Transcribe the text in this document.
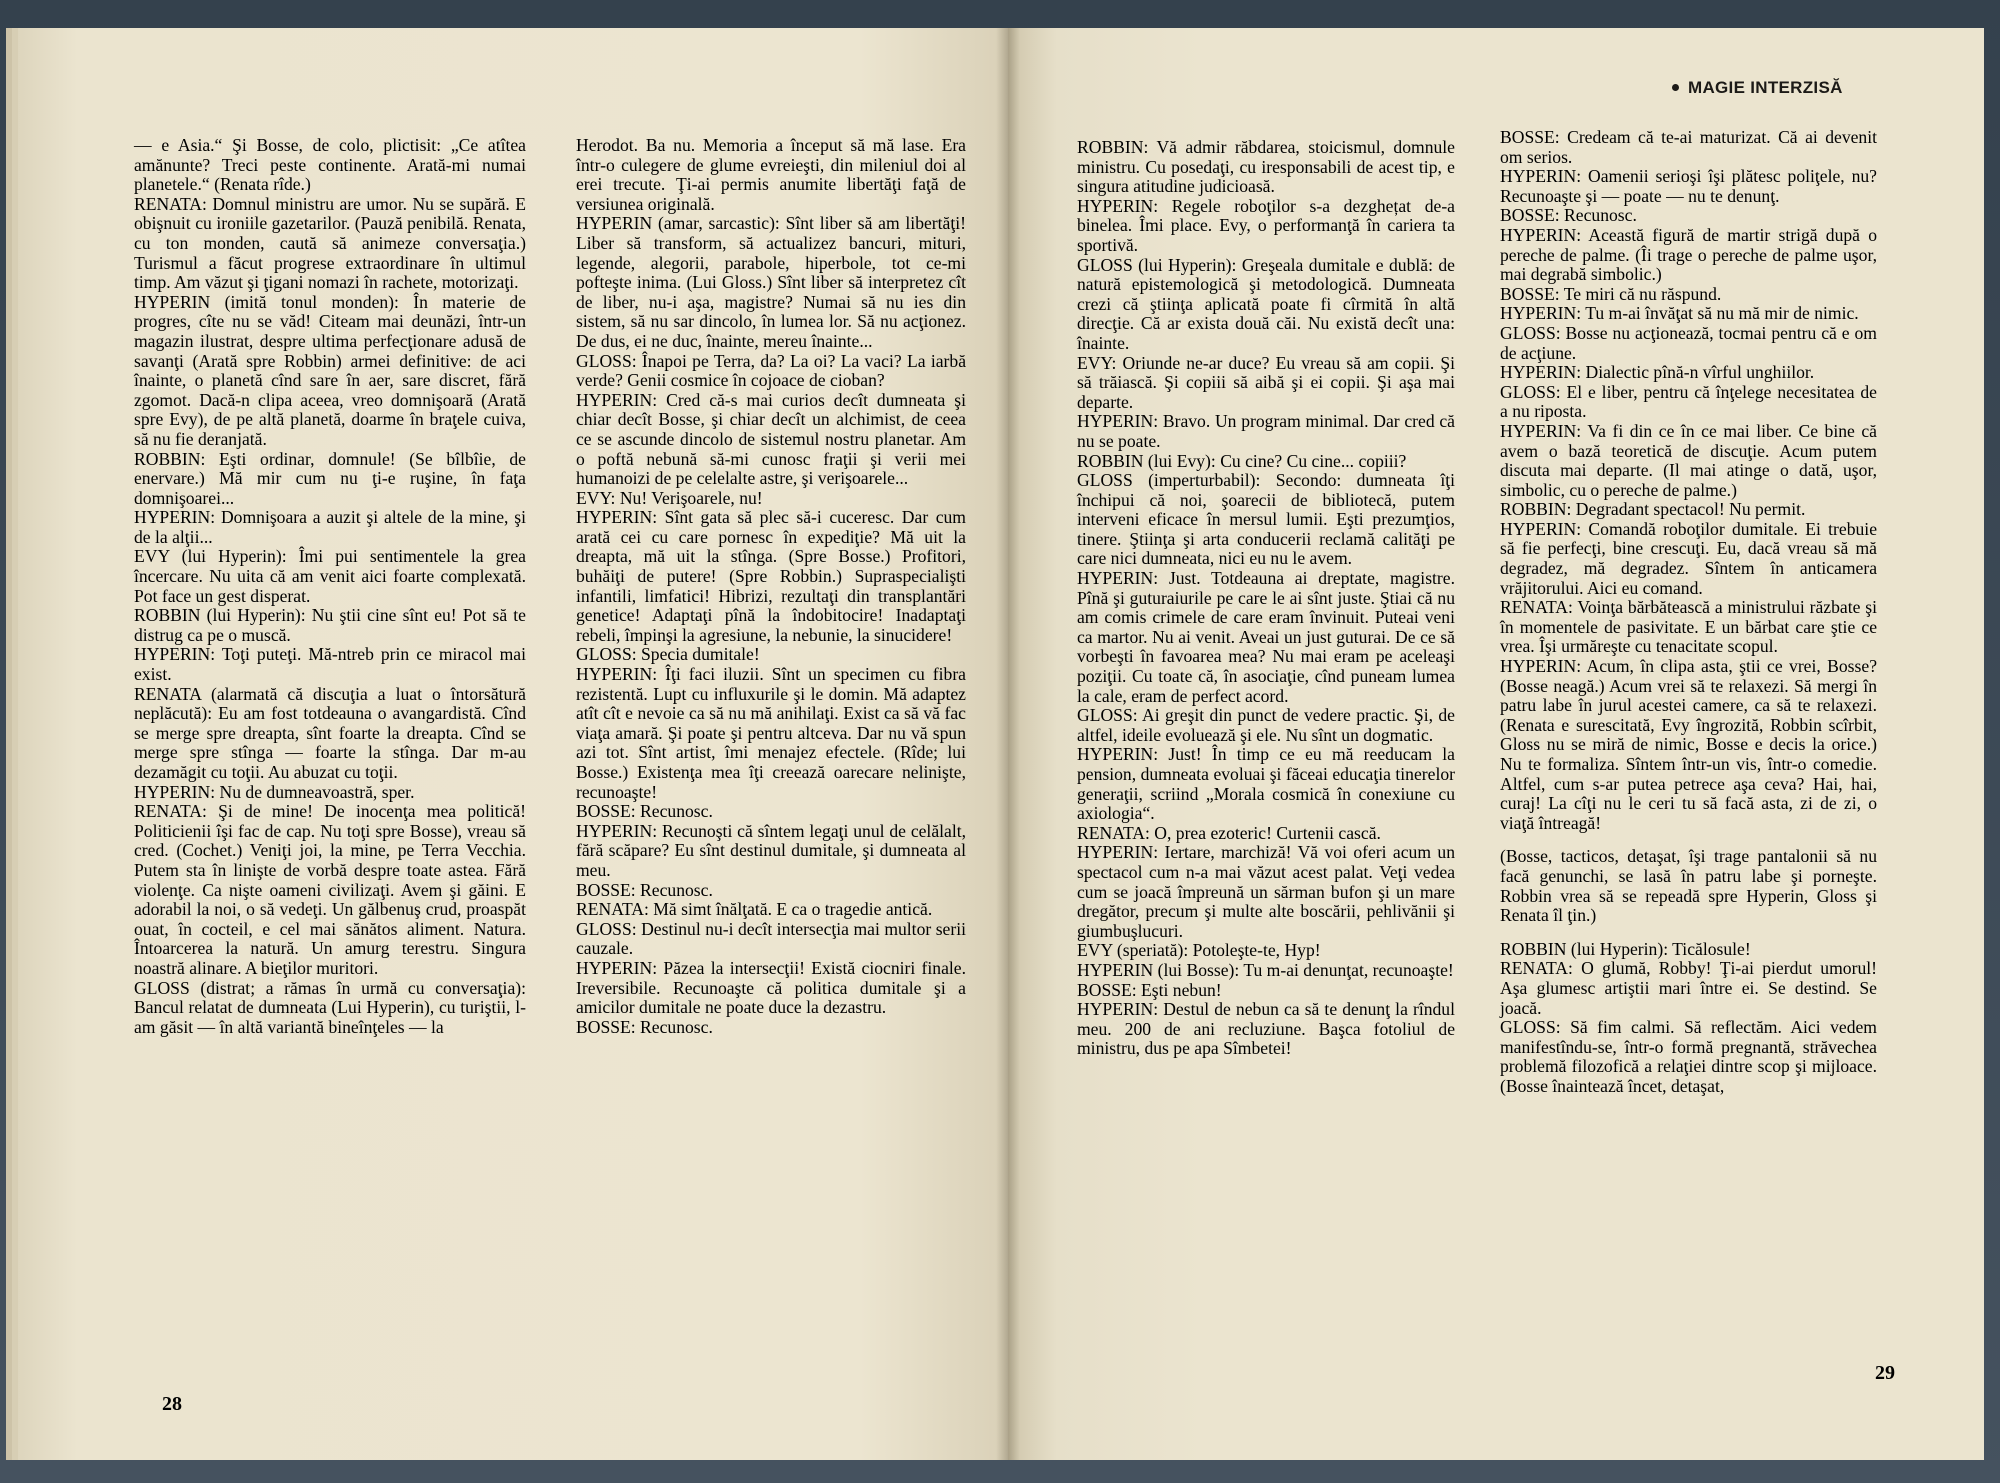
MAGIE INTERZISĂ

— e Asia.“ Şi Bosse, de colo, plictisit: „Ce atîtea amănunte? Treci peste continente. Arată-mi numai planetele.“ (Renata rîde.)

RENATA: Domnul ministru are umor. Nu se supără. E obişnuit cu ironiile gazetarilor. (Pauză penibilă. Renata, cu ton monden, caută să animeze conversaţia.) Turismul a făcut progrese extraordinare în ultimul timp. Am văzut şi ţigani nomazi în rachete, motorizaţi.

HYPERIN (imită tonul monden): În materie de progres, cîte nu se văd! Citeam mai deunăzi, într-un magazin ilustrat, despre ultima perfecţionare adusă de savanţi (Arată spre Robbin) armei definitive: de aci înainte, o planetă cînd sare în aer, sare discret, fără zgomot. Dacă-n clipa aceea, vreo domnişoară (Arată spre Evy), de pe altă planetă, doarme în braţele cuiva, să nu fie deranjată.

ROBBIN: Eşti ordinar, domnule! (Se bîlbîie, de enervare.) Mă mir cum nu ţi-e ruşine, în faţa domnişoarei...

HYPERIN: Domnişoara a auzit şi altele de la mine, şi de la alţii...

EVY (lui Hyperin): Îmi pui sentimentele la grea încercare. Nu uita că am venit aici foarte complexată. Pot face un gest disperat.

ROBBIN (lui Hyperin): Nu ştii cine sînt eu! Pot să te distrug ca pe o muscă.

HYPERIN: Toţi puteţi. Mă-ntreb prin ce miracol mai exist.

RENATA (alarmată că discuţia a luat o întorsătură neplăcută): Eu am fost totdeauna o avangardistă. Cînd se merge spre dreapta, sînt foarte la dreapta. Cînd se merge spre stînga — foarte la stînga. Dar m-au dezamăgit cu toţii. Au abuzat cu toţii.

HYPERIN: Nu de dumneavoastră, sper.

RENATA: Şi de mine! De inocenţa mea politică! Politicienii îşi fac de cap. Nu toţi spre Bosse), vreau să cred. (Cochet.) Veniţi joi, la mine, pe Terra Vecchia. Putem sta în linişte de vorbă despre toate astea. Fără violenţe. Ca nişte oameni civilizaţi. Avem şi găini. E adorabil la noi, o să vedeţi. Un gălbenuş crud, proaspăt ouat, în cocteil, e cel mai sănătos aliment. Natura. Întoarcerea la natură. Un amurg terestru. Singura noastră alinare. A bieţilor muritori.

GLOSS (distrat; a rămas în urmă cu conversaţia): Bancul relatat de dumneata (Lui Hyperin), cu turiştii, l-am găsit — în altă variantă bineînţeles — la

Herodot. Ba nu. Memoria a început să mă lase. Era într-o culegere de glume evreieşti, din mileniul doi al erei trecute. Ţi-ai permis anumite libertăţi faţă de versiunea originală.

HYPERIN (amar, sarcastic): Sînt liber să am libertăţi! Liber să transform, să actualizez bancuri, mituri, legende, alegorii, parabole, hiperbole, tot ce-mi pofteşte inima. (Lui Gloss.) Sînt liber să interpretez cît de liber, nu-i aşa, magistre? Numai să nu ies din sistem, să nu sar dincolo, în lumea lor. Să nu acţionez. De dus, ei ne duc, înainte, mereu înainte...

GLOSS: Înapoi pe Terra, da? La oi? La vaci? La iarbă verde? Genii cosmice în cojoace de cioban?

HYPERIN: Cred că-s mai curios decît dumneata şi chiar decît Bosse, şi chiar decît un alchimist, de ceea ce se ascunde dincolo de sistemul nostru planetar. Am o poftă nebună să-mi cunosc fraţii şi verii mei humanoizi de pe celelalte astre, şi verişoarele...

EVY: Nu! Verişoarele, nu!

HYPERIN: Sînt gata să plec să-i cuceresc. Dar cum arată cei cu care pornesc în expediţie? Mă uit la dreapta, mă uit la stînga. (Spre Bosse.) Profitori, buhăiţi de putere! (Spre Robbin.) Supraspecialişti infantili, limfatici! Hibrizi, rezultaţi din transplantări genetice! Adaptaţi pînă la îndobitocire! Inadaptaţi rebeli, împinşi la agresiune, la nebunie, la sinucidere!

GLOSS: Specia dumitale!

HYPERIN: Îţi faci iluzii. Sînt un specimen cu fibra rezistentă. Lupt cu influxurile şi le domin. Mă adaptez atît cît e nevoie ca să nu mă anihilaţi. Exist ca să vă fac viaţa amară. Şi poate şi pentru altceva. Dar nu vă spun azi tot. Sînt artist, îmi menajez efectele. (Rîde; lui Bosse.) Existenţa mea îţi creează oarecare nelinişte, recunoaşte!

BOSSE: Recunosc.

HYPERIN: Recunoşti că sîntem legaţi unul de celălalt, fără scăpare? Eu sînt destinul dumitale, şi dumneata al meu.

BOSSE: Recunosc.

RENATA: Mă simt înălţată. E ca o tragedie antică.

GLOSS: Destinul nu-i decît intersecţia mai multor serii cauzale.

HYPERIN: Păzea la intersecţii! Există ciocniri finale. Ireversibile. Recunoaşte că politica dumitale şi a amicilor dumitale ne poate duce la dezastru.

BOSSE: Recunosc.

ROBBIN: Vă admir răbdarea, stoicismul, domnule ministru. Cu posedaţi, cu iresponsabili de acest tip, e singura atitudine judicioasă.

HYPERIN: Regele roboţilor s-a dezghețat de-a binelea. Îmi place. Evy, o performanţă în cariera ta sportivă.

GLOSS (lui Hyperin): Greşeala dumitale e dublă: de natură epistemologică şi metodologică. Dumneata crezi că ştiinţa aplicată poate fi cîrmită în altă direcţie. Că ar exista două căi. Nu există decît una: înainte.

EVY: Oriunde ne-ar duce? Eu vreau să am copii. Şi să trăiască. Şi copiii să aibă şi ei copii. Şi aşa mai departe.

HYPERIN: Bravo. Un program minimal. Dar cred că nu se poate.

ROBBIN (lui Evy): Cu cine? Cu cine... copiii?

GLOSS (imperturbabil): Secondo: dumneata îţi închipui că noi, şoarecii de bibliotecă, putem interveni eficace în mersul lumii. Eşti prezumţios, tinere. Ştiinţa şi arta conducerii reclamă calităţi pe care nici dumneata, nici eu nu le avem.

HYPERIN: Just. Totdeauna ai dreptate, magistre. Pînă şi guturaiurile pe care le ai sînt juste. Ştiai că nu am comis crimele de care eram învinuit. Puteai veni ca martor. Nu ai venit. Aveai un just guturai. De ce să vorbeşti în favoarea mea? Nu mai eram pe aceleaşi poziţii. Cu toate că, în asociaţie, cînd puneam lumea la cale, eram de perfect acord.

GLOSS: Ai greşit din punct de vedere practic. Şi, de altfel, ideile evoluează şi ele. Nu sînt un dogmatic.

HYPERIN: Just! În timp ce eu mă reeducam la pension, dumneata evoluai şi făceai educaţia tinerelor generaţii, scriind „Morala cosmică în conexiune cu axiologia“.

RENATA: O, prea ezoteric! Curtenii cască.

HYPERIN: Iertare, marchiză! Vă voi oferi acum un spectacol cum n-a mai văzut acest palat. Veţi vedea cum se joacă împreună un sărman bufon şi un mare dregător, precum şi multe alte boscării, pehlivănii şi giumbuşlucuri.

EVY (speriată): Potoleşte-te, Hyp!

HYPERIN (lui Bosse): Tu m-ai denunţat, recunoaşte!

BOSSE: Eşti nebun!

HYPERIN: Destul de nebun ca să te denunţ la rîndul meu. 200 de ani recluziune. Başca fotoliul de ministru, dus pe apa Sîmbetei!

BOSSE: Credeam că te-ai maturizat. Că ai devenit om serios.

HYPERIN: Oamenii serioşi îşi plătesc poliţele, nu? Recunoaşte şi — poate — nu te denunţ.

BOSSE: Recunosc.

HYPERIN: Această figură de martir strigă după o pereche de palme. (Îi trage o pereche de palme uşor, mai degrabă simbolic.)

BOSSE: Te miri că nu răspund.

HYPERIN: Tu m-ai învăţat să nu mă mir de nimic.

GLOSS: Bosse nu acţionează, tocmai pentru că e om de acţiune.

HYPERIN: Dialectic pînă-n vîrful unghiilor.

GLOSS: El e liber, pentru că înţelege necesitatea de a nu riposta.

HYPERIN: Va fi din ce în ce mai liber. Ce bine că avem o bază teoretică de discuţie. Acum putem discuta mai departe. (Il mai atinge o dată, uşor, simbolic, cu o pereche de palme.)

ROBBIN: Degradant spectacol! Nu permit.

HYPERIN: Comandă roboţilor dumitale. Ei trebuie să fie perfecţi, bine crescuţi. Eu, dacă vreau să mă degradez, mă degradez. Sîntem în anticamera vrăjitorului. Aici eu comand.

RENATA: Voinţa bărbătească a ministrului răzbate şi în momentele de pasivitate. E un bărbat care ştie ce vrea. Îşi urmăreşte cu tenacitate scopul.

HYPERIN: Acum, în clipa asta, ştii ce vrei, Bosse? (Bosse neagă.) Acum vrei să te relaxezi. Să mergi în patru labe în jurul acestei camere, ca să te relaxezi. (Renata e surescitată, Evy îngrozită, Robbin scîrbit, Gloss nu se miră de nimic, Bosse e decis la orice.) Nu te formaliza. Sîntem într-un vis, într-o comedie. Altfel, cum s-ar putea petrece aşa ceva? Hai, hai, curaj! La cîţi nu le ceri tu să facă asta, zi de zi, o viaţă întreagă!

(Bosse, tacticos, detaşat, îşi trage pantalonii să nu facă genunchi, se lasă în patru labe şi porneşte. Robbin vrea să se repeadă spre Hyperin, Gloss şi Renata îl ţin.)

ROBBIN (lui Hyperin): Ticălosule!

RENATA: O glumă, Robby! Ţi-ai pierdut umorul! Aşa glumesc artiştii mari între ei. Se destind. Se joacă.

GLOSS: Să fim calmi. Să reflectăm. Aici vedem manifestîndu-se, într-o formă pregnantă, străvechea problemă filozofică a relaţiei dintre scop şi mijloace. (Bosse înaintează încet, detaşat,

28
29
